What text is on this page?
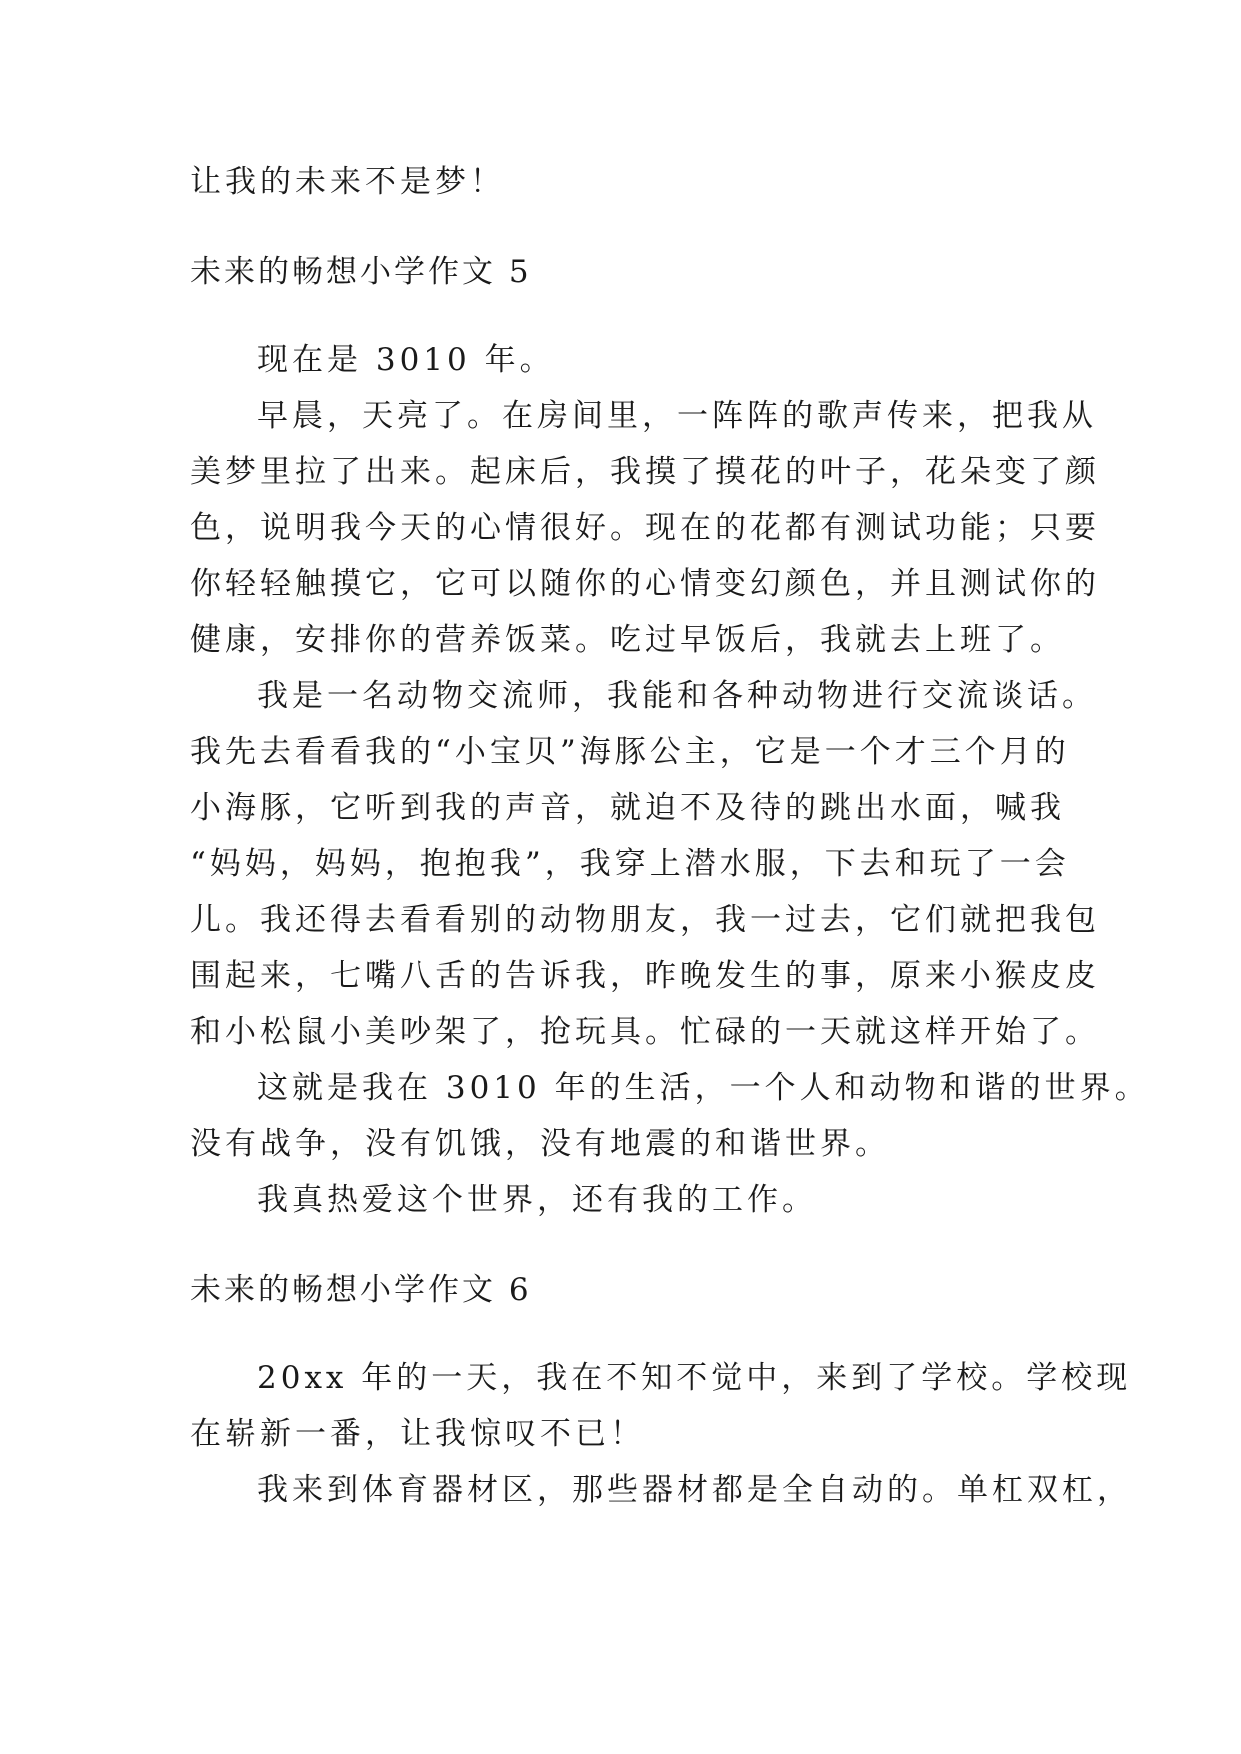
让我的未来不是梦！
未来的畅想小学作文 5
现在是 3010 年。
早晨，天亮了。在房间里，一阵阵的歌声传来，把我从
美梦里拉了出来。起床后，我摸了摸花的叶子，花朵变了颜
色，说明我今天的心情很好。现在的花都有测试功能；只要
你轻轻触摸它，它可以随你的心情变幻颜色，并且测试你的
健康，安排你的营养饭菜。吃过早饭后，我就去上班了。
我是一名动物交流师，我能和各种动物进行交流谈话。
我先去看看我的“小宝贝”海豚公主，它是一个才三个月的
小海豚，它听到我的声音，就迫不及待的跳出水面，喊我
“妈妈，妈妈，抱抱我”，我穿上潜水服，下去和玩了一会
儿。我还得去看看别的动物朋友，我一过去，它们就把我包
围起来，七嘴八舌的告诉我，昨晚发生的事，原来小猴皮皮
和小松鼠小美吵架了，抢玩具。忙碌的一天就这样开始了。
这就是我在 3010 年的生活，一个人和动物和谐的世界。
没有战争，没有饥饿，没有地震的和谐世界。
我真热爱这个世界，还有我的工作。
未来的畅想小学作文 6
20xx 年的一天，我在不知不觉中，来到了学校。学校现
在崭新一番，让我惊叹不已！
我来到体育器材区，那些器材都是全自动的。单杠双杠，
